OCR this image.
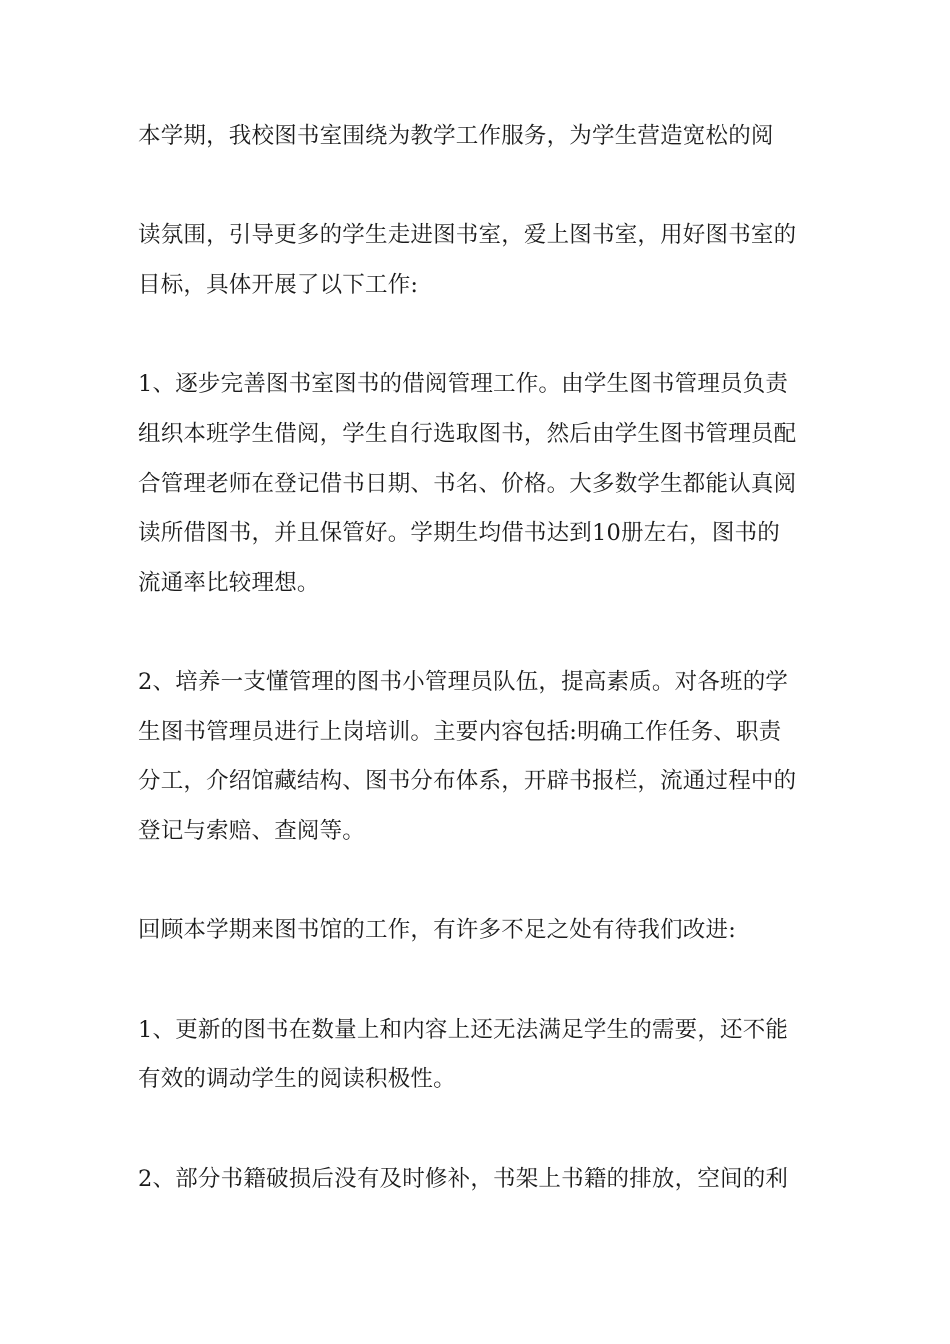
本学期，我校图书室围绕为教学工作服务，为学生营造宽松的阅
读氛围，引导更多的学生走进图书室，爱上图书室，用好图书室的
目标，具体开展了以下工作:
1、逐步完善图书室图书的借阅管理工作。由学生图书管理员负责
组织本班学生借阅，学生自行选取图书，然后由学生图书管理员配
合管理老师在登记借书日期、书名、价格。大多数学生都能认真阅
读所借图书，并且保管好。学期生均借书达到10册左右，图书的
流通率比较理想。
2、培养一支懂管理的图书小管理员队伍，提高素质。对各班的学
生图书管理员进行上岗培训。主要内容包括:明确工作任务、职责
分工，介绍馆藏结构、图书分布体系，开辟书报栏，流通过程中的
登记与索赔、查阅等。
回顾本学期来图书馆的工作，有许多不足之处有待我们改进:
1、更新的图书在数量上和内容上还无法满足学生的需要，还不能
有效的调动学生的阅读积极性。
2、部分书籍破损后没有及时修补，书架上书籍的排放，空间的利
